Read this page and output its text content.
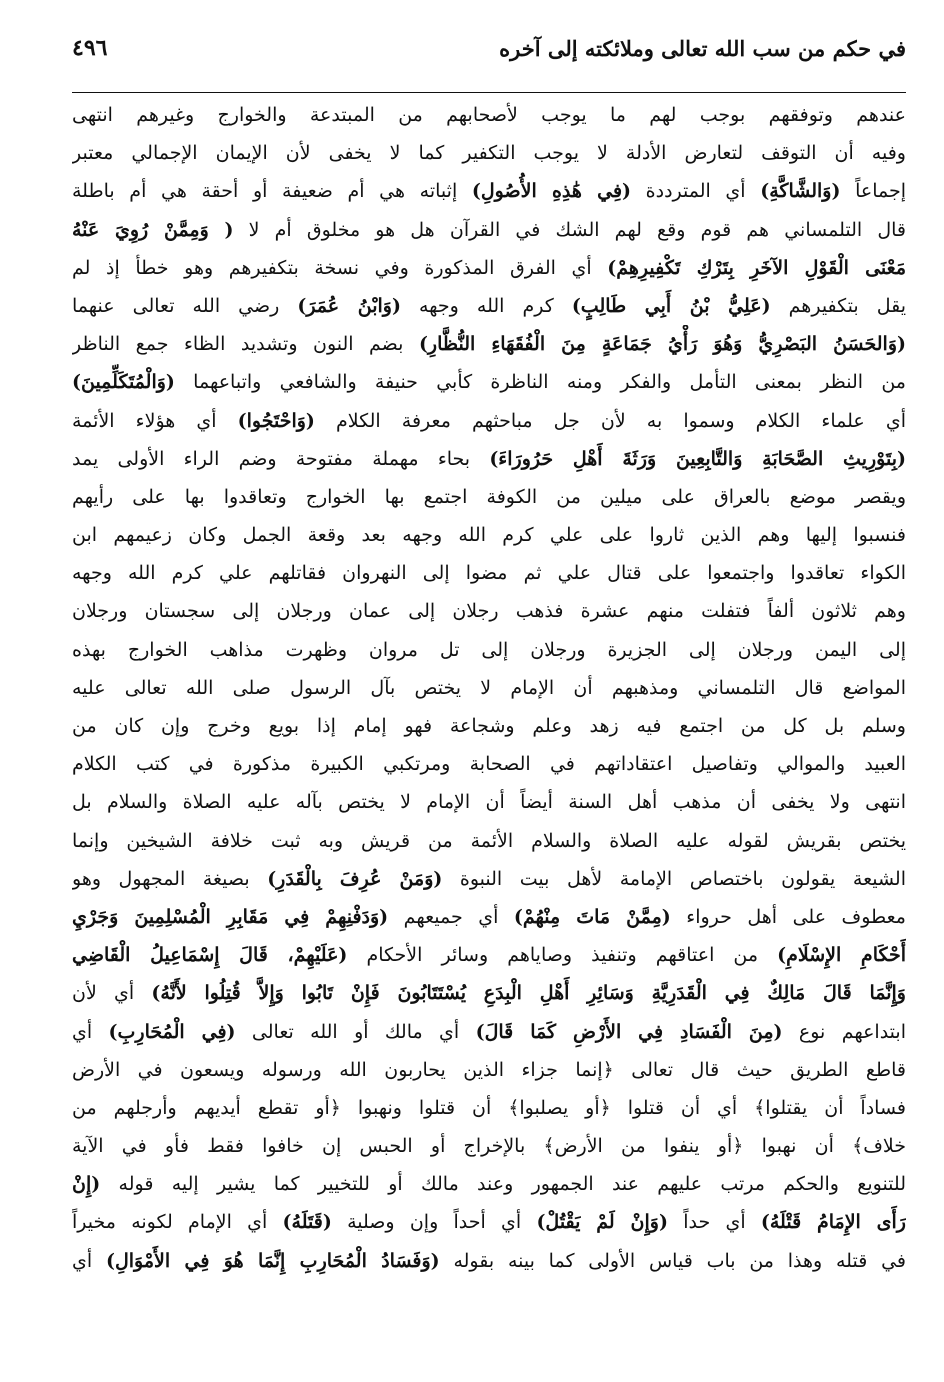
في حكم من سب الله تعالى وملائكته إلى آخره
٤٩٦
عندهم وتوفقهم بوجب لهم ما يوجب لأصحابهم من المبتدعة والخوارج وغيرهم انتهى
وفيه أن التوقف لتعارض الأدلة لا يوجب التكفير كما لا يخفى لأن الإيمان الإجمالي معتبر
إجماعاً (وَالشَّاكَّةِ) أي المترددة (فِي هَٰذِهِ الأُصُولِ) إثباته هي أم ضعيفة أو أحقة هي أم باطلة
قال التلمساني هم قوم وقع لهم الشك في القرآن هل هو مخلوق أم لا ( وَمِمَّنْ رُوِيَ عَنْهُ
مَعْنَى الْقَوْلِ الآخَرِ بِتَرْكِ تَكْفِيرِهِمْ) أي الفرق المذكورة وفي نسخة بتكفيرهم وهو خطأ إذ لم
يقل بتكفيرهم (عَلِيُّ بْنُ أَبِي طَالِبٍ) كرم الله وجهه (وَابْنُ عُمَرَ) رضي الله تعالى عنهما
(وَالحَسَنُ البَصْرِيُّ وَهُوَ رَأْيُ جَمَاعَةٍ مِنَ الْفُقَهَاءِ النُّظَّارِ) بضم النون وتشديد الظاء جمع الناظر
من النظر بمعنى التأمل والفكر ومنه الناظرة كأبي حنيفة والشافعي واتباعهما (وَالْمُتَكَلِّمِينَ)
أي علماء الكلام وسموا به لأن جل مباحثهم معرفة الكلام (وَاحْتَجُوا) أي هؤلاء الأئمة
(بِتَوْرِيثِ الصَّحَابَةِ وَالتَّابِعِينَ وَرَثَةَ أَهْلِ حَرُورَاءَ) بحاء مهملة مفتوحة وضم الراء الأولى يمد
ويقصر موضع بالعراق على ميلين من الكوفة اجتمع بها الخوارج وتعاقدوا بها على رأيهم
فنسبوا إليها وهم الذين ثاروا على علي كرم الله وجهه بعد وقعة الجمل وكان زعيمهم ابن
الكواء تعاقدوا واجتمعوا على قتال علي ثم مضوا إلى النهروان فقاتلهم علي كرم الله وجهه
وهم ثلاثون ألفاً فتفلت منهم عشرة فذهب رجلان إلى عمان ورجلان إلى سجستان ورجلان
إلى اليمن ورجلان إلى الجزيرة ورجلان إلى تل مروان وظهرت مذاهب الخوارج بهذه
المواضع قال التلمساني ومذهبهم أن الإمام لا يختص بآل الرسول صلى الله تعالى عليه
وسلم بل كل من اجتمع فيه زهد وعلم وشجاعة فهو إمام إذا بويع وخرج وإن كان من
العبيد والموالي وتفاصيل اعتقاداتهم في الصحابة ومرتكبي الكبيرة مذكورة في كتب الكلام
انتهى ولا يخفى أن مذهب أهل السنة أيضاً أن الإمام لا يختص بآله عليه الصلاة والسلام بل
يختص بقريش لقوله عليه الصلاة والسلام الأئمة من قريش وبه ثبت خلافة الشيخين وإنما
الشيعة يقولون باختصاص الإمامة لأهل بيت النبوة (وَمَنْ عُرِفَ بِالْقَدَرِ) بصيغة المجهول وهو
معطوف على أهل حرواء (مِمَّنْ مَاتَ مِنْهُمْ) أي جميعهم (وَدَفْنِهِمْ فِي مَقَابِرِ الْمُسْلِمِينَ وَجَرْيِ
أَحْكَامِ الإِسْلَامِ) من اعتاقهم وتنفيذ وصاياهم وسائر الأحكام (عَلَيْهِمْ، قَالَ إِسْمَاعِيلُ الْقَاضِي
وَإِنَّمَا قَالَ مَالِكٌ فِي الْقَدَرِيَّةِ وَسَائِرِ أَهْلِ الْبِدَعِ يُسْتَتَابُونَ فَإِنْ تَابُوا وَإِلاَّ قُتِلُوا لأَنَّهُ) أي لأن
ابتداعهم نوع (مِنَ الْفَسَادِ فِي الأَرْضِ كَمَا قَالَ) أي مالك أو الله تعالى (فِي الْمُحَارِبِ) أي
قاطع الطريق حيث قال تعالى ﴿إنما جزاء الذين يحاربون الله ورسوله ويسعون في الأرض
فساداً أن يقتلوا﴾ أي أن قتلوا ﴿أو يصلبوا﴾ أن قتلوا ونهبوا ﴿أو تقطع أيديهم وأرجلهم من
خلاف﴾ أن نهبوا ﴿أو ينفوا من الأرض﴾ بالإخراج أو الحبس إن خافوا فقط فأو في الآية
للتنويع والحكم مرتب عليهم عند الجمهور وعند مالك أو للتخيير كما يشير إليه قوله (إِنْ
رَأَى الإِمَامُ قَتْلَهُ) أي حداً (وَإِنْ لَمْ يَقْتُلْ) أي أحداً وإن وصلية (قَتَلَهُ) أي الإمام لكونه مخيراً
في قتله وهذا من باب قياس الأولى كما بينه بقوله (وَفَسَادُ الْمُحَارِبِ إِنَّمَا هُوَ فِي الأَمْوَالِ) أي
